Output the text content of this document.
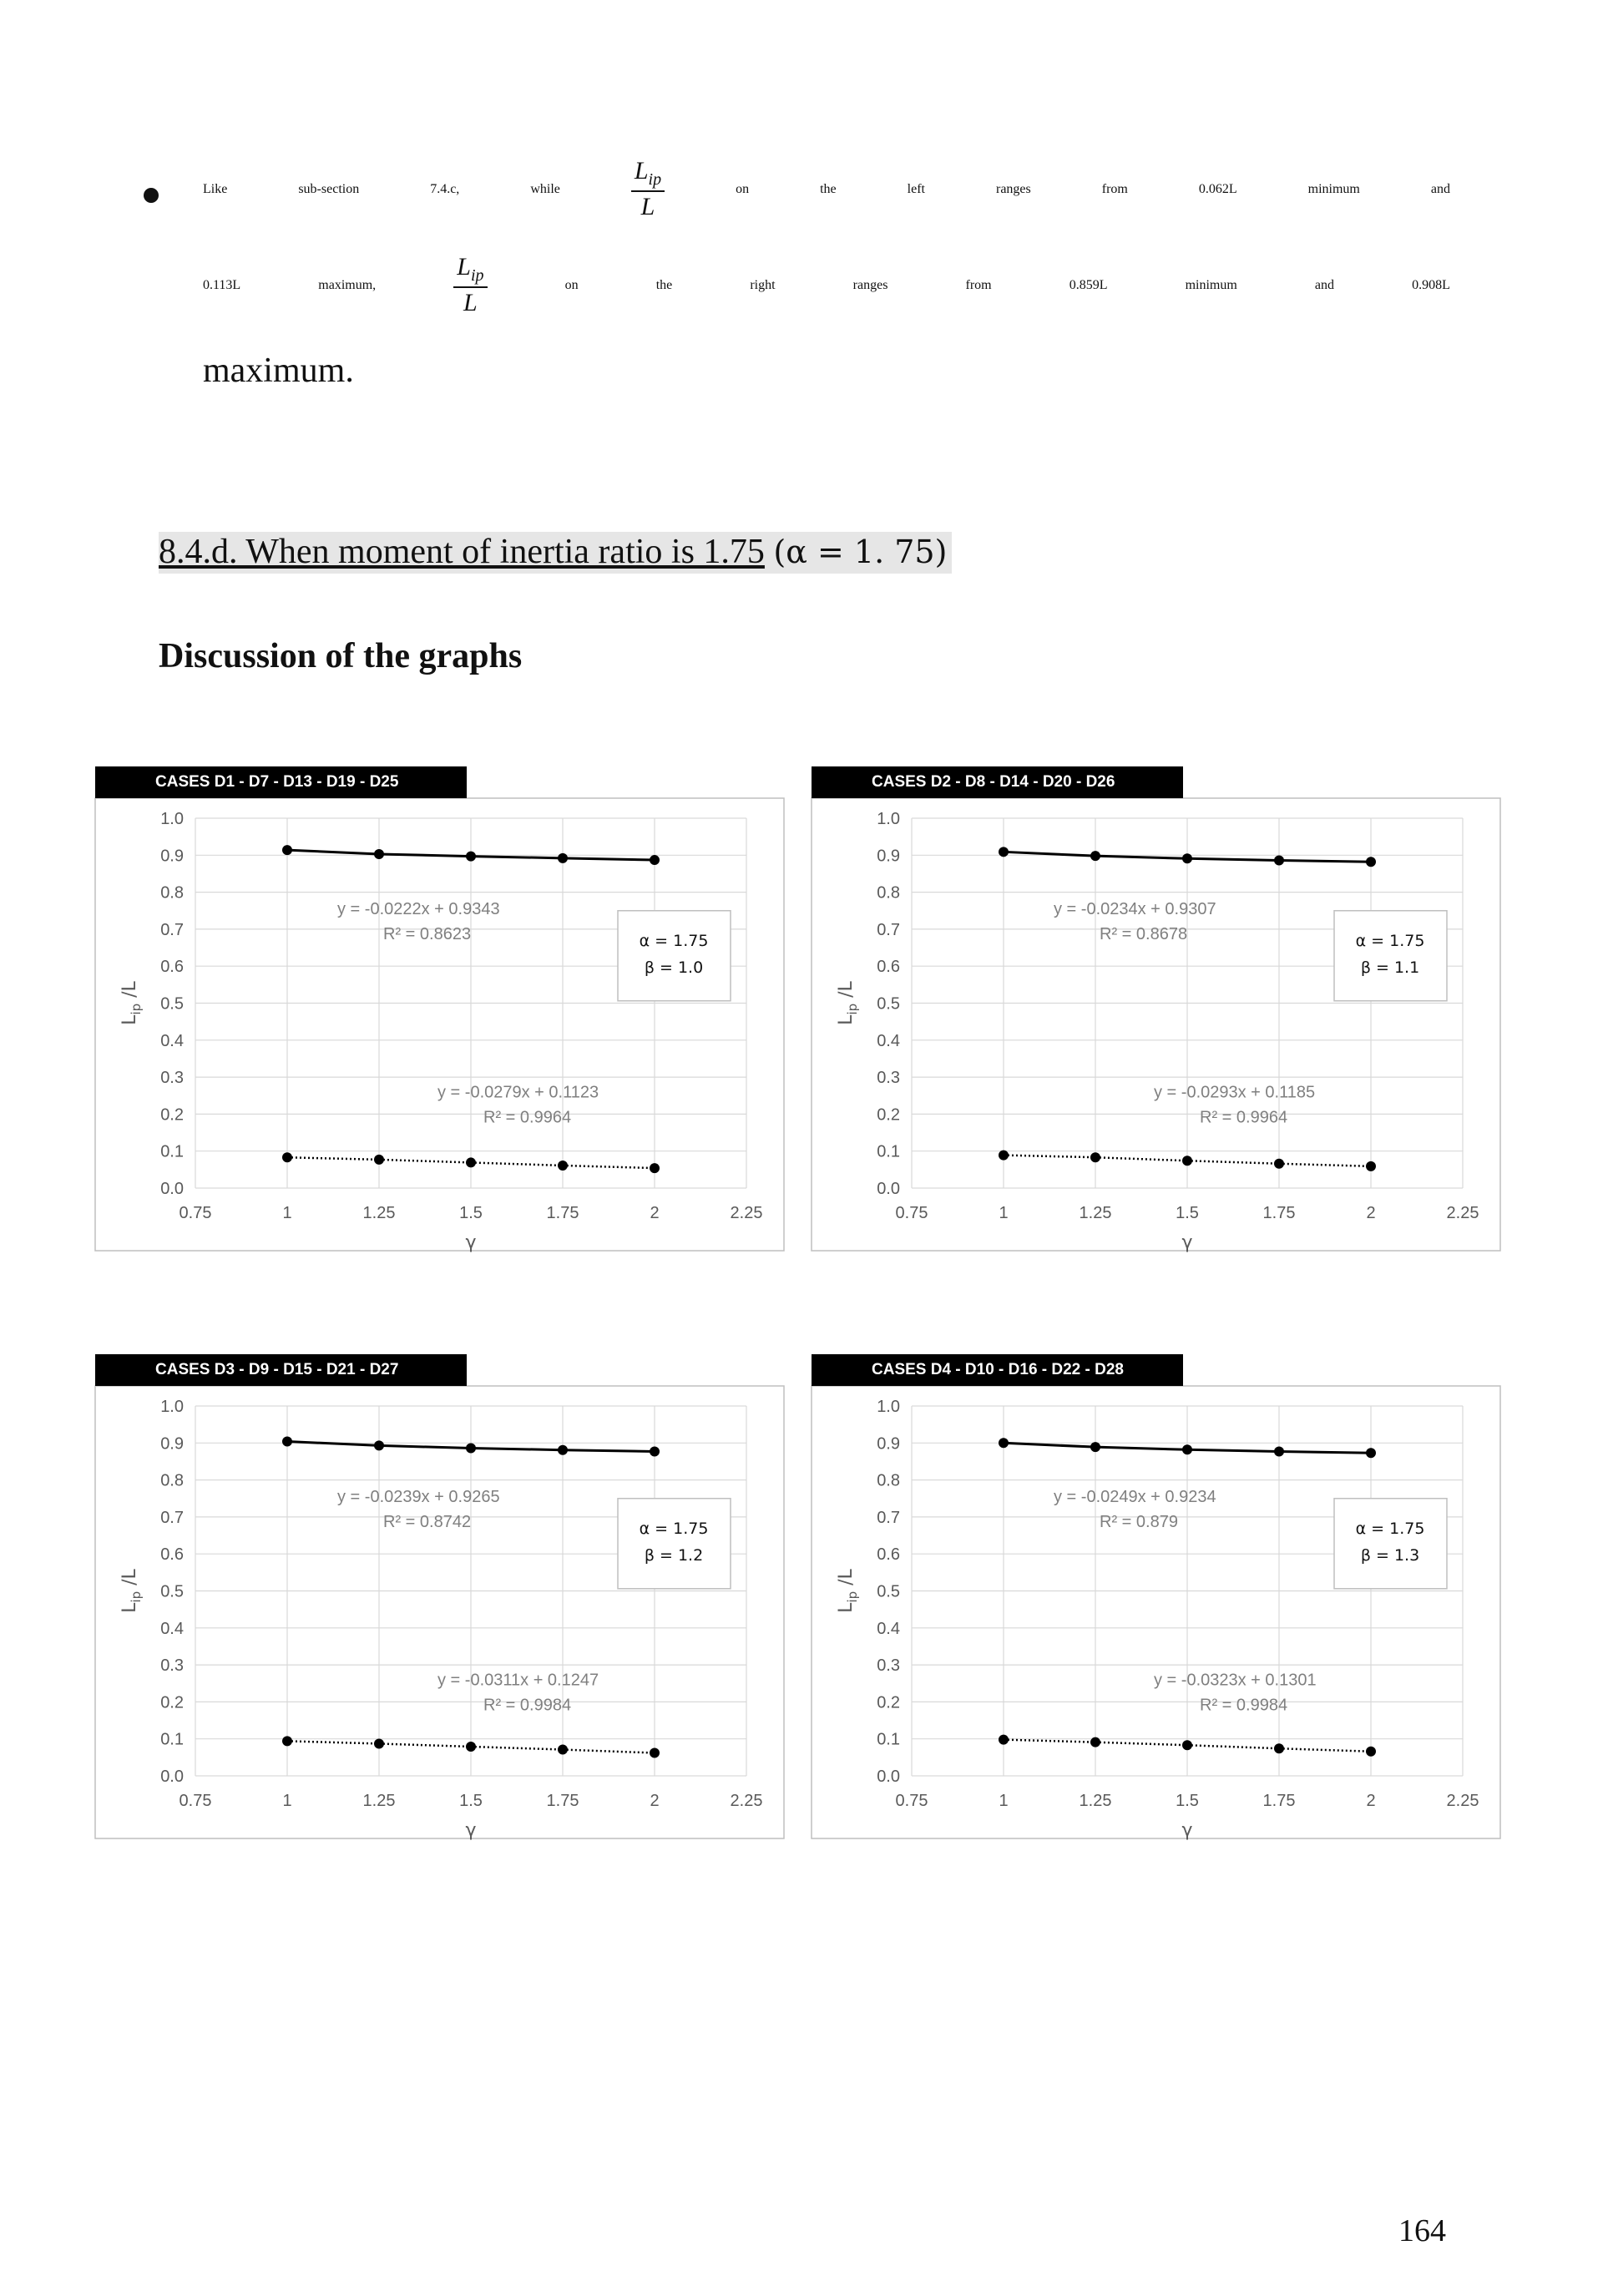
Like	sub-section	7.4.c,	while	$\frac{L_{ip}}{L}$	on	the	left	ranges	from	0.062L	minimum	and
0.113L	maximum,	$\frac{L_{ip}}{L}$	on	the	right	ranges	from	0.859L	minimum	and	0.908L
maximum.
8.4.d. When moment of inertia ratio is 1.75 (α = 1. 75)
Discussion of the graphs
CASES D1 - D7 - D13 - D19 - D25
0.0
0.1
0.2
0.3
0.4
0.5
0.6
0.7
0.8
0.9
1.0
0.75	1	1.25	1.5	1.75	2	2.25
γ
$L_{ip}$ /L
y = -0.0222x + 0.9343
R² = 0.8623
y = -0.0279x + 0.1123
R² = 0.9964
α = 1.75
β = 1.0
CASES D2 - D8 - D14 - D20 - D26
0.0
0.1
0.2
0.3
0.4
0.5
0.6
0.7
0.8
0.9
1.0
0.75	1	1.25	1.5	1.75	2	2.25
γ
$L_{ip}$ /L
y = -0.0234x + 0.9307
R² = 0.8678
y = -0.0293x + 0.1185
R² = 0.9964
α = 1.75
β = 1.1
CASES D3 - D9 - D15 - D21 - D27
0.0
0.1
0.2
0.3
0.4
0.5
0.6
0.7
0.8
0.9
1.0
0.75	1	1.25	1.5	1.75	2	2.25
γ
$L_{ip}$ /L
y = -0.0239x + 0.9265
R² = 0.8742
y = -0.0311x + 0.1247
R² = 0.9984
α = 1.75
β = 1.2
CASES D4 - D10 - D16 - D22 - D28
0.0
0.1
0.2
0.3
0.4
0.5
0.6
0.7
0.8
0.9
1.0
0.75	1	1.25	1.5	1.75	2	2.25
γ
$L_{ip}$ /L
y = -0.0249x + 0.9234
R² = 0.879
y = -0.0323x + 0.1301
R² = 0.9984
α = 1.75
β = 1.3
164
